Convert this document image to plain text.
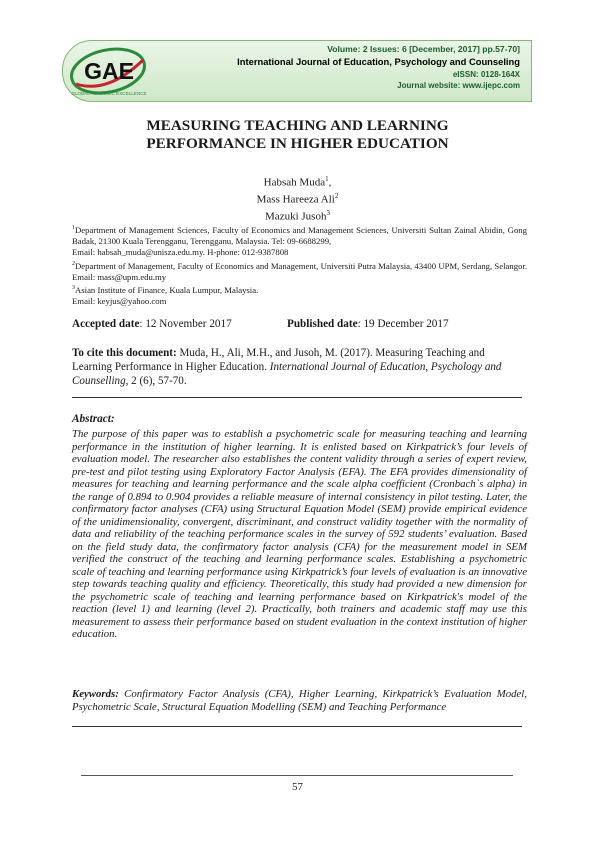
GAE
GLOBAL ACADEMIC EXCELLENCE
Volume: 2 Issues: 6 [December, 2017] pp.57-70]
International Journal of Education, Psychology and Counseling
eISSN: 0128-164X
Journal website: www.ijepc.com
MEASURING TEACHING AND LEARNING
PERFORMANCE IN HIGHER EDUCATION
Habsah Muda$^1$,
Mass Hareeza Ali$^2$
Mazuki Jusoh$^3$

$^1$Department of Management Sciences, Faculty of Economics and Management Sciences, Universiti Sultan Zainal Abidin, Gong Badak, 21300 Kuala Terengganu, Terengganu, Malaysia. Tel: 09-6688299,
Email: habsah_muda@unisza.edu.my. H-phone: 012-9387808

$^2$Department of Management, Faculty of Economics and Management, Universiti Putra Malaysia, 43400 UPM, Serdang, Selangor. Email: mass@upm.edu.my

$^3$Asian Institute of Finance, Kuala Lumpur, Malaysia.
Email: keyjus@yahoo.com

Accepted date: 12 November 2017	Published date: 19 December 2017
To cite this document: Muda, H., Ali, M.H., and Jusoh, M. (2017). Measuring Teaching and Learning Performance in Higher Education. International Journal of Education, Psychology and Counselling, 2 (6), 57-70.
Abstract:
The purpose of this paper was to establish a psychometric scale for measuring teaching and learning performance in the institution of higher learning. It is enlisted based on Kirkpatrick’s four levels of evaluation model. The researcher also establishes the content validity through a series of expert review, pre-test and pilot testing using Exploratory Factor Analysis (EFA). The EFA provides dimensionality of measures for teaching and learning performance and the scale alpha coefficient (Cronbach`s alpha) in the range of 0.894 to 0.904 provides a reliable measure of internal consistency in pilot testing. Later, the confirmatory factor analyses (CFA) using Structural Equation Model (SEM) provide empirical evidence of the unidimensionality, convergent, discriminant, and construct validity together with the normality of data and reliability of the teaching performance scales in the survey of 592 students’ evaluation. Based on the field study data, the confirmatory factor analysis (CFA) for the measurement model in SEM verified the construct of the teaching and learning performance scales. Establishing a psychometric scale of teaching and learning performance using Kirkpatrick’s four levels of evaluation is an innovative step towards teaching quality and efficiency. Theoretically, this study had provided a new dimension for the psychometric scale of teaching and learning performance based on Kirkpatrick's model of the reaction (level 1) and learning (level 2). Practically, both trainers and academic staff may use this measurement to assess their performance based on student evaluation in the context institution of higher education.
Keywords: Confirmatory Factor Analysis (CFA), Higher Learning, Kirkpatrick’s Evaluation Model, Psychometric Scale, Structural Equation Modelling (SEM) and Teaching Performance
57
